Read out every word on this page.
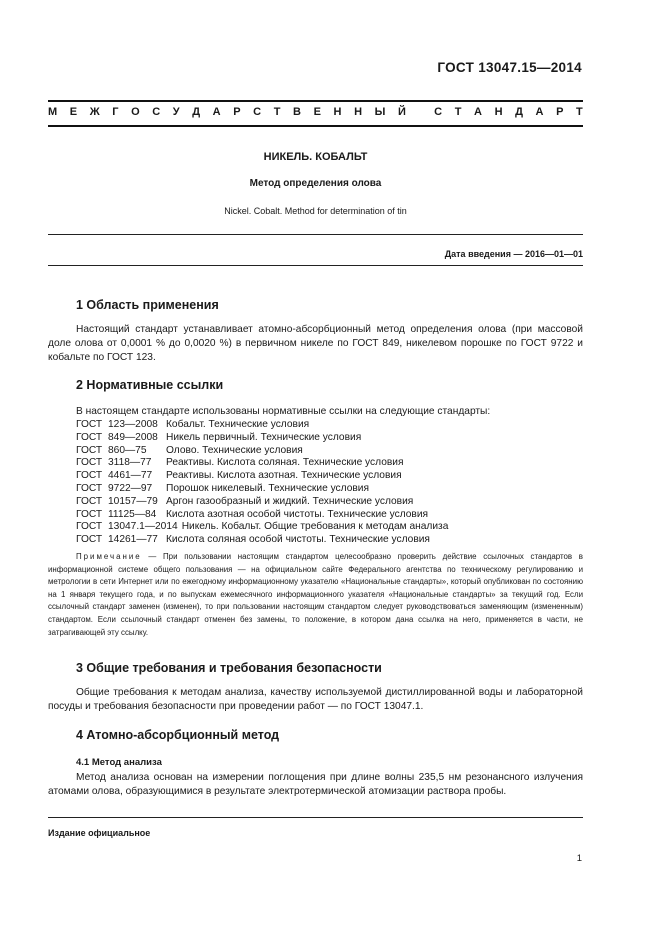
ГОСТ 13047.15—2014
М Е Ж Г О С У Д А Р С Т В Е Н Н Ы Й
	С Т А Н Д А Р Т
НИКЕЛЬ. КОБАЛЬТ
Метод определения олова
Nickel. Cobalt. Method for determination of tin
Дата введения — 2016—01—01
1 Область применения
Настоящий стандарт устанавливает атомно-абсорбционный метод определения олова (при массовой доле олова от 0,0001 % до 0,0020 %) в первичном никеле по ГОСТ 849, никелевом порошке по ГОСТ 9722 и кобальте по ГОСТ 123.
2 Нормативные ссылки
В настоящем стандарте использованы нормативные ссылки на следующие стандарты:
ГОСТ 123—2008 Кобальт. Технические условия
ГОСТ 849—2008 Никель первичный. Технические условия
ГОСТ 860—75	Олово. Технические условия
ГОСТ 3118—77	Реактивы. Кислота соляная. Технические условия
ГОСТ 4461—77	Реактивы. Кислота азотная. Технические условия
ГОСТ 9722—97	Порошок никелевый. Технические условия
ГОСТ 10157—79 Аргон газообразный и жидкий. Технические условия
ГОСТ 11125—84 Кислота азотная особой чистоты. Технические условия
ГОСТ 13047.1—2014 Никель. Кобальт. Общие требования к методам анализа
ГОСТ 14261—77 Кислота соляная особой чистоты. Технические условия
Примечание — При пользовании настоящим стандартом целесообразно проверить действие ссылочных стандартов в информационной системе общего пользования — на официальном сайте Федерального агентства по техническому регулированию и метрологии в сети Интернет или по ежегодному информационному указателю «Национальные стандарты», который опубликован по состоянию на 1 января текущего года, и по выпускам ежемесячного информационного указателя «Национальные стандарты» за текущий год. Если ссылочный стандарт заменен (изменен), то при пользовании настоящим стандартом следует руководствоваться заменяющим (измененным) стандартом. Если ссылочный стандарт отменен без замены, то положение, в котором дана ссылка на него, применяется в части, не затрагивающей эту ссылку.
3 Общие требования и требования безопасности
Общие требования к методам анализа, качеству используемой дистиллированной воды и лабораторной посуды и требования безопасности при проведении работ — по ГОСТ 13047.1.
4 Атомно-абсорбционный метод
4.1 Метод анализа
Метод анализа основан на измерении поглощения при длине волны 235,5 нм резонансного излучения атомами олова, образующимися в результате электротермической атомизации раствора пробы.
Издание официальное
1
